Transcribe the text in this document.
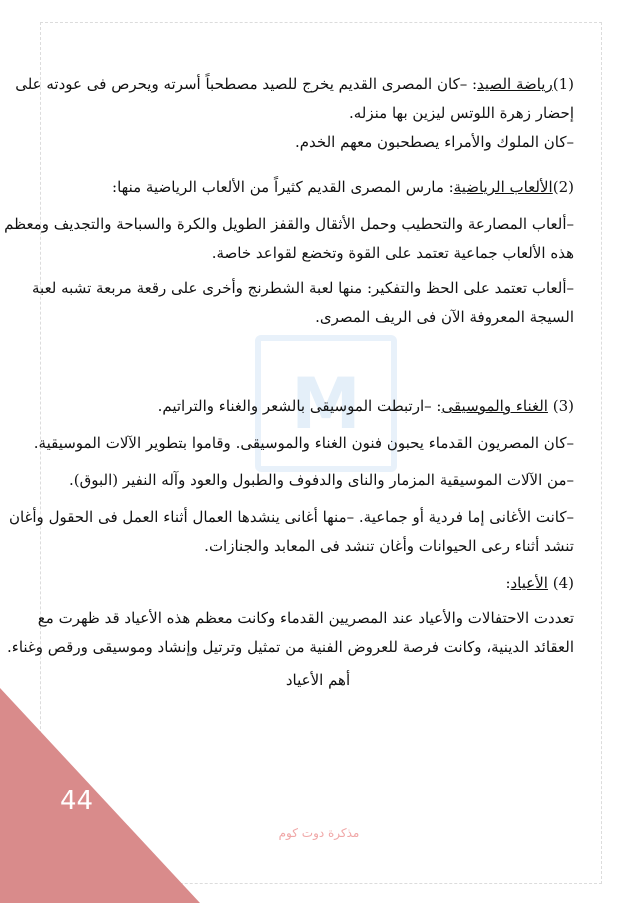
M
(1)رياضة الصيد: –كان المصرى القديم يخرج للصيد مصطحباً أسرته ويحرص فى عودته على
إحضار زهرة اللوتس ليزين بها منزله.
–كان الملوك والأمراء يصطحبون معهم الخدم.
(2)الألعاب الرياضية: مارس المصرى القديم كثيراً من الألعاب الرياضية منها:
–ألعاب المصارعة والتحطيب وحمل الأثقال والقفز الطويل والكرة والسباحة والتجديف ومعظم
هذه الألعاب جماعية تعتمد على القوة وتخضع لقواعد خاصة.
–ألعاب تعتمد على الحظ والتفكير: منها لعبة الشطرنج وأخرى على رقعة مربعة تشبه لعبة
السيجة المعروفة الآن فى الريف المصرى.
(3) الغناء والموسيقى: –ارتبطت الموسيقى بالشعر والغناء والتراتيم.
–كان المصريون القدماء يحبون فنون الغناء والموسيقى. وقاموا بتطوير الآلات الموسيقية.
–من الآلات الموسيقية المزمار والناى والدفوف والطبول والعود وآله النفير (البوق).
–كانت الأغانى إما فردية أو جماعية. –منها أغانى ينشدها العمال أثناء العمل فى الحقول وأغان
تنشد أثناء رعى الحيوانات وأغان تنشد فى المعابد والجنازات.
(4) الأعياد:
تعددت الاحتفالات والأعياد عند المصريين القدماء وكانت معظم هذه الأعياد قد ظهرت مع
العقائد الدينية، وكانت فرصة للعروض الفنية من تمثيل وترتيل وإنشاد وموسيقى ورقص وغناء.
أهم الأعياد
44
مذكرة دوت كوم
